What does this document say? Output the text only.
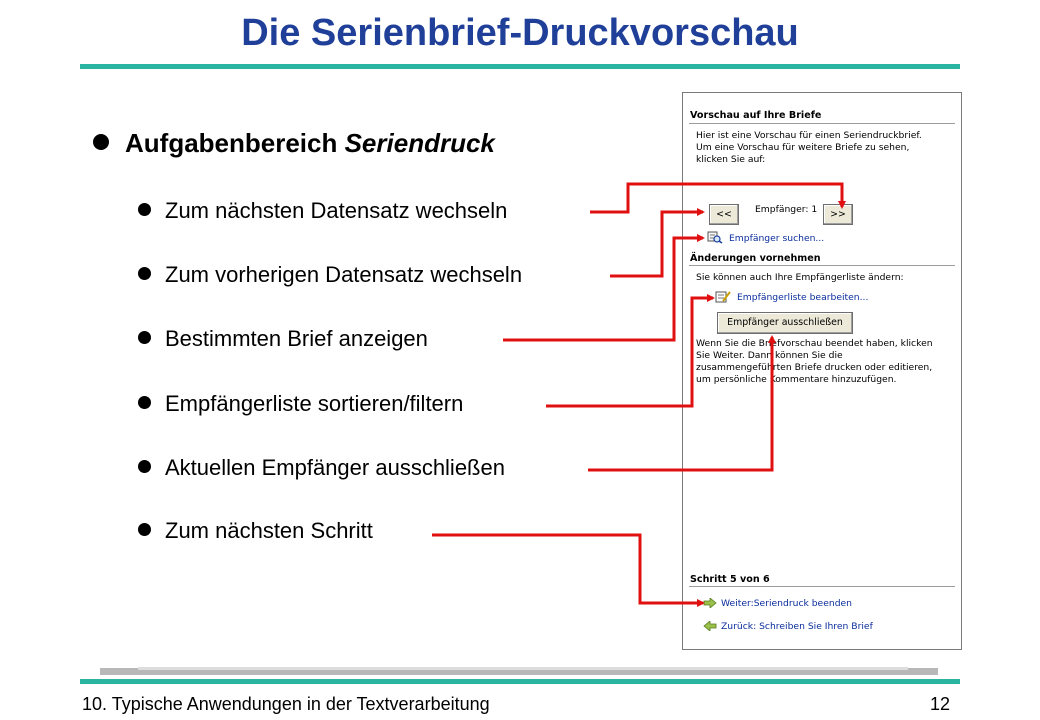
Die Serienbrief-Druckvorschau
Aufgabenbereich Seriendruck
Zum nächsten Datensatz wechseln
Zum vorherigen Datensatz wechseln
Bestimmten Brief anzeigen
Empfängerliste sortieren/filtern
Aktuellen Empfänger ausschließen
Zum nächsten Schritt
Vorschau auf Ihre Briefe
Hier ist eine Vorschau für einen Seriendruckbrief.
Um eine Vorschau für weitere Briefe zu sehen,
klicken Sie auf:
<<	Empfänger: 1	>>
Empfänger suchen...
Änderungen vornehmen
Sie können auch Ihre Empfängerliste ändern:
Empfängerliste bearbeiten...
Empfänger ausschließen
Wenn Sie die Briefvorschau beendet haben, klicken
Sie Weiter. Dann können Sie die
zusammengeführten Briefe drucken oder editieren,
um persönliche Kommentare hinzuzufügen.
Schritt 5 von 6
Weiter:Seriendruck beenden
Zurück: Schreiben Sie Ihren Brief
10. Typische Anwendungen in der Textverarbeitung	12
